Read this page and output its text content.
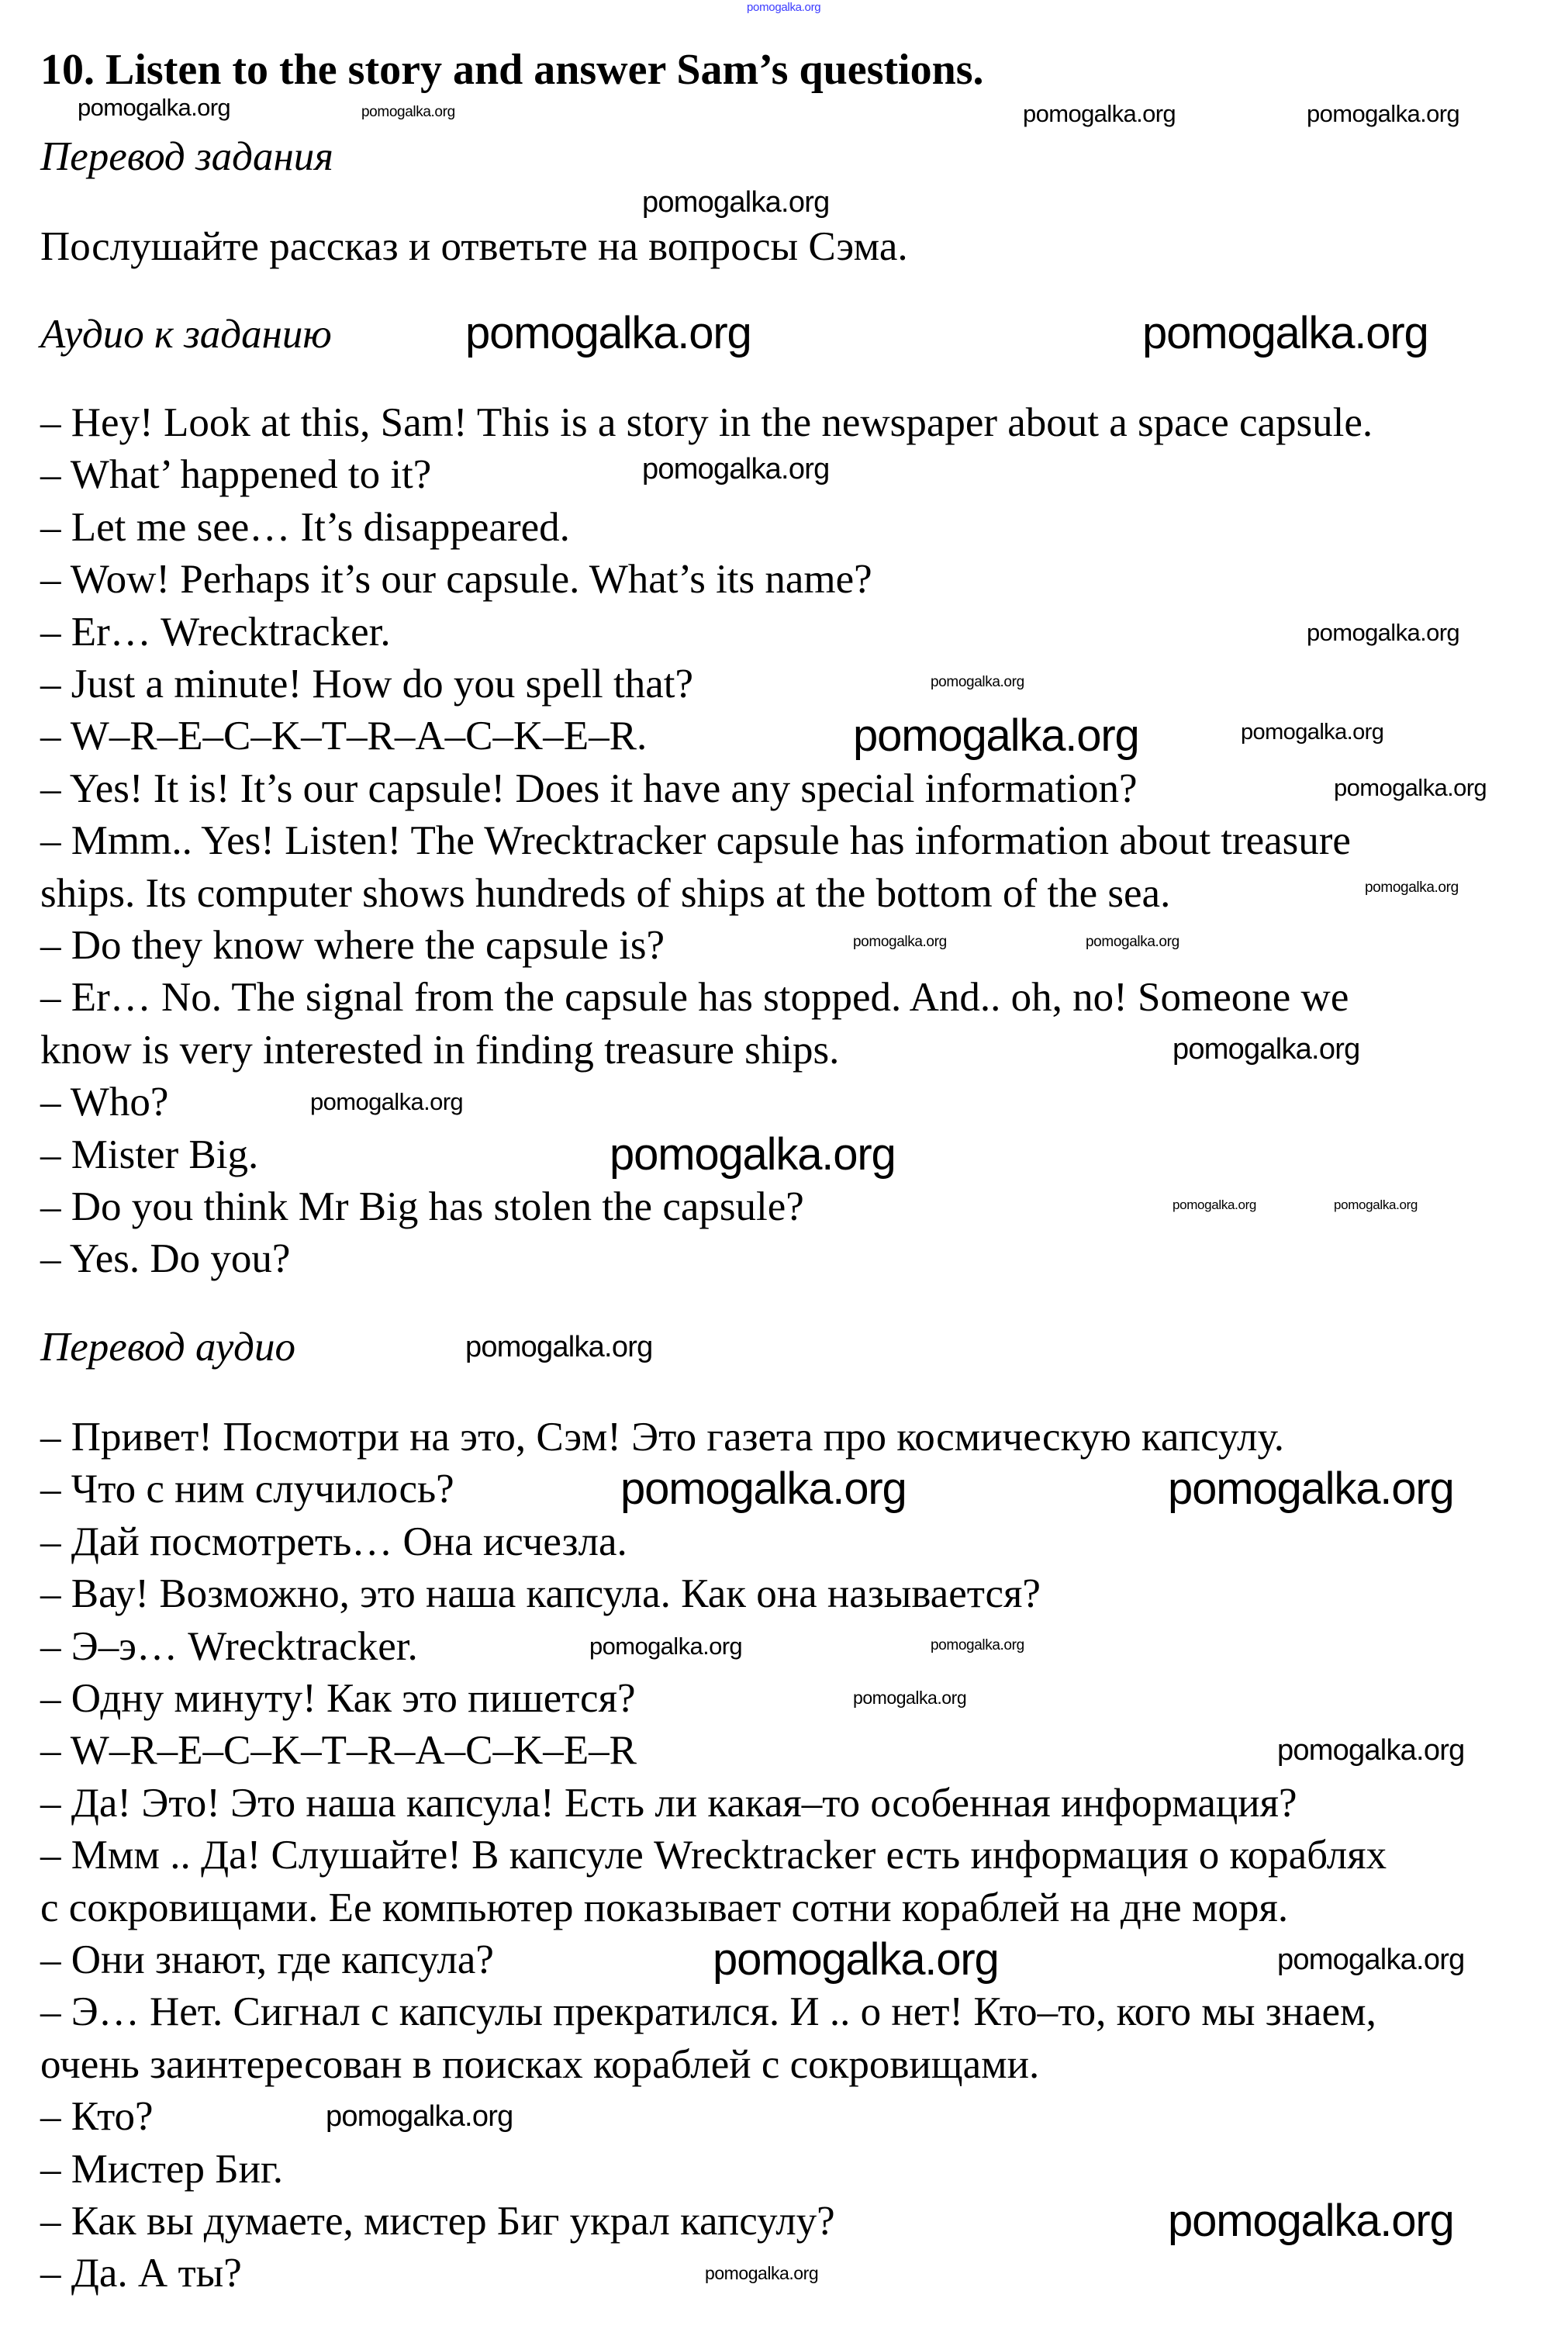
10. Listen to the story and answer Sam’s questions.
Перевод задания
Послушайте рассказ и ответьте на вопросы Сэма.
Аудио к заданию
– Hey! Look at this, Sam! This is a story in the newspaper about a space capsule.
– What’ happened to it?
– Let me see… It’s disappeared.
– Wow! Perhaps it’s our capsule. What’s its name?
– Er… Wrecktracker.
– Just a minute! How do you spell that?
– W–R–E–C–K–T–R–A–C–K–E–R.
– Yes! It is! It’s our capsule! Does it have any special information?
– Mmm.. Yes! Listen! The Wrecktracker capsule has information about treasure
ships. Its computer shows hundreds of ships at the bottom of the sea.
– Do they know where the capsule is?
– Er… No. The signal from the capsule has stopped. And.. oh, no! Someone we
know is very interested in finding treasure ships.
– Who?
– Mister Big.
– Do you think Mr Big has stolen the capsule?
– Yes. Do you?
Перевод аудио
– Привет! Посмотри на это, Сэм! Это газета про космическую капсулу.
– Что с ним случилось?
– Дай посмотреть… Она исчезла.
– Вау! Возможно, это наша капсула. Как она называется?
– Э–э… Wrecktracker.
– Одну минуту! Как это пишется?
– W–R–E–C–K–T–R–A–C–K–E–R
– Да! Это! Это наша капсула! Есть ли какая–то особенная информация?
– Ммм .. Да! Слушайте! В капсуле Wrecktracker есть информация о кораблях
с сокровищами. Ее компьютер показывает сотни кораблей на дне моря.
– Они знают, где капсула?
– Э… Нет. Сигнал с капсулы прекратился. И .. о нет! Кто–то, кого мы знаем,
очень заинтересован в поисках кораблей с сокровищами.
– Кто?
– Мистер Биг.
– Как вы думаете, мистер Биг украл капсулу?
– Да. А ты?
pomogalka.org
pomogalka.org	pomogalka.org	pomogalka.org	pomogalka.org
pomogalka.org
pomogalka.org	pomogalka.org
pomogalka.org
pomogalka.org
pomogalka.org
pomogalka.org
pomogalka.org
pomogalka.org
pomogalka.org
pomogalka.org	pomogalka.org
pomogalka.org
pomogalka.org
pomogalka.org
pomogalka.org	pomogalka.org
pomogalka.org
pomogalka.org	pomogalka.org
pomogalka.org
pomogalka.org
pomogalka.org
pomogalka.org
pomogalka.org	pomogalka.org
pomogalka.org
pomogalka.org
pomogalka.org
